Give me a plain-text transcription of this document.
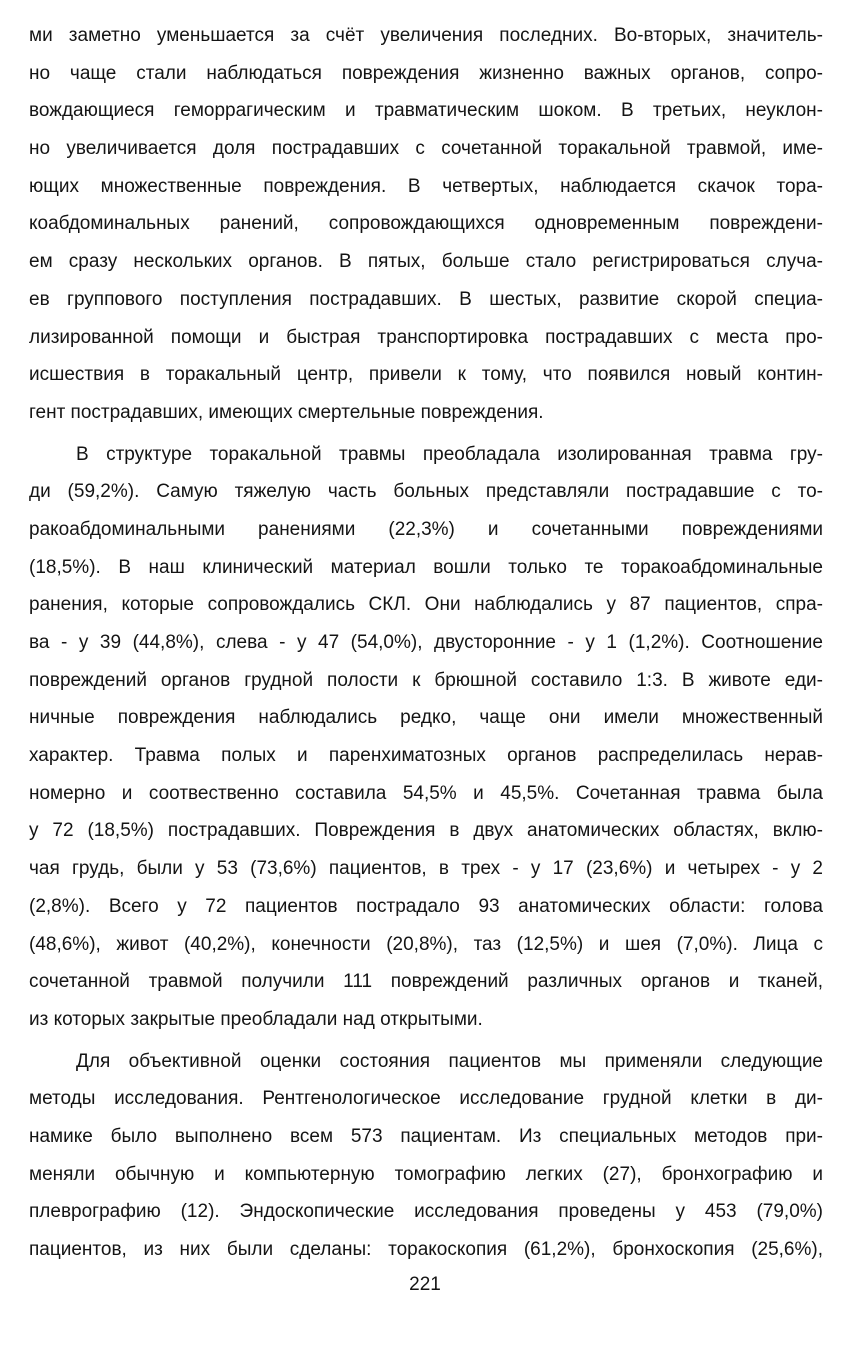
ми заметно уменьшается за счёт увеличения последних. Во-вторых, значитель-
но чаще стали наблюдаться повреждения жизненно важных органов, сопро-
вождающиеся геморрагическим и травматическим шоком. В третьих, неуклон-
но увеличивается доля пострадавших с сочетанной торакальной травмой, име-
ющих множественные повреждения. В четвертых, наблюдается скачок тора-
коабдоминальных ранений, сопровождающихся одновременным повреждени-
ем сразу нескольких органов. В пятых, больше стало регистрироваться случа-
ев группового поступления пострадавших. В шестых, развитие скорой специа-
лизированной помощи и быстрая транспортировка пострадавших с места про-
исшествия в торакальный центр, привели к тому, что появился новый контин-
гент пострадавших, имеющих смертельные повреждения.
В структуре торакальной травмы преобладала изолированная травма гру-
ди (59,2%). Самую тяжелую часть больных представляли пострадавшие с то-
ракоабдоминальными ранениями (22,3%) и сочетанными повреждениями
(18,5%). В наш клинический материал вошли только те торакоабдоминальные
ранения, которые сопровождались СКЛ. Они наблюдались у 87 пациентов, спра-
ва - у 39 (44,8%), слева - у 47 (54,0%), двусторонние - у 1 (1,2%). Соотношение
повреждений органов грудной полости к брюшной составило 1:3. В животе еди-
ничные повреждения наблюдались редко, чаще они имели множественный
характер. Травма полых и паренхиматозных органов распределилась нерав-
номерно и соотвественно составила 54,5% и 45,5%. Сочетанная травма была
у 72 (18,5%) пострадавших. Повреждения в двух анатомических областях, вклю-
чая грудь, были у 53 (73,6%) пациентов, в трех - у 17 (23,6%) и четырех - у 2
(2,8%). Всего у 72 пациентов пострадало 93 анатомических области: голова
(48,6%), живот (40,2%), конечности (20,8%), таз (12,5%) и шея (7,0%). Лица с
сочетанной травмой получили 111 повреждений различных органов и тканей,
из которых закрытые преобладали над открытыми.
Для объективной оценки состояния пациентов мы применяли следующие
методы исследования. Рентгенологическое исследование грудной клетки в ди-
намике было выполнено всем 573 пациентам. Из специальных методов при-
меняли обычную и компьютерную томографию легких (27), бронхографию и
плеврографию (12). Эндоскопические исследования проведены у 453 (79,0%)
пациентов, из них были сделаны: торакоскопия (61,2%), бронхоскопия (25,6%),
221
